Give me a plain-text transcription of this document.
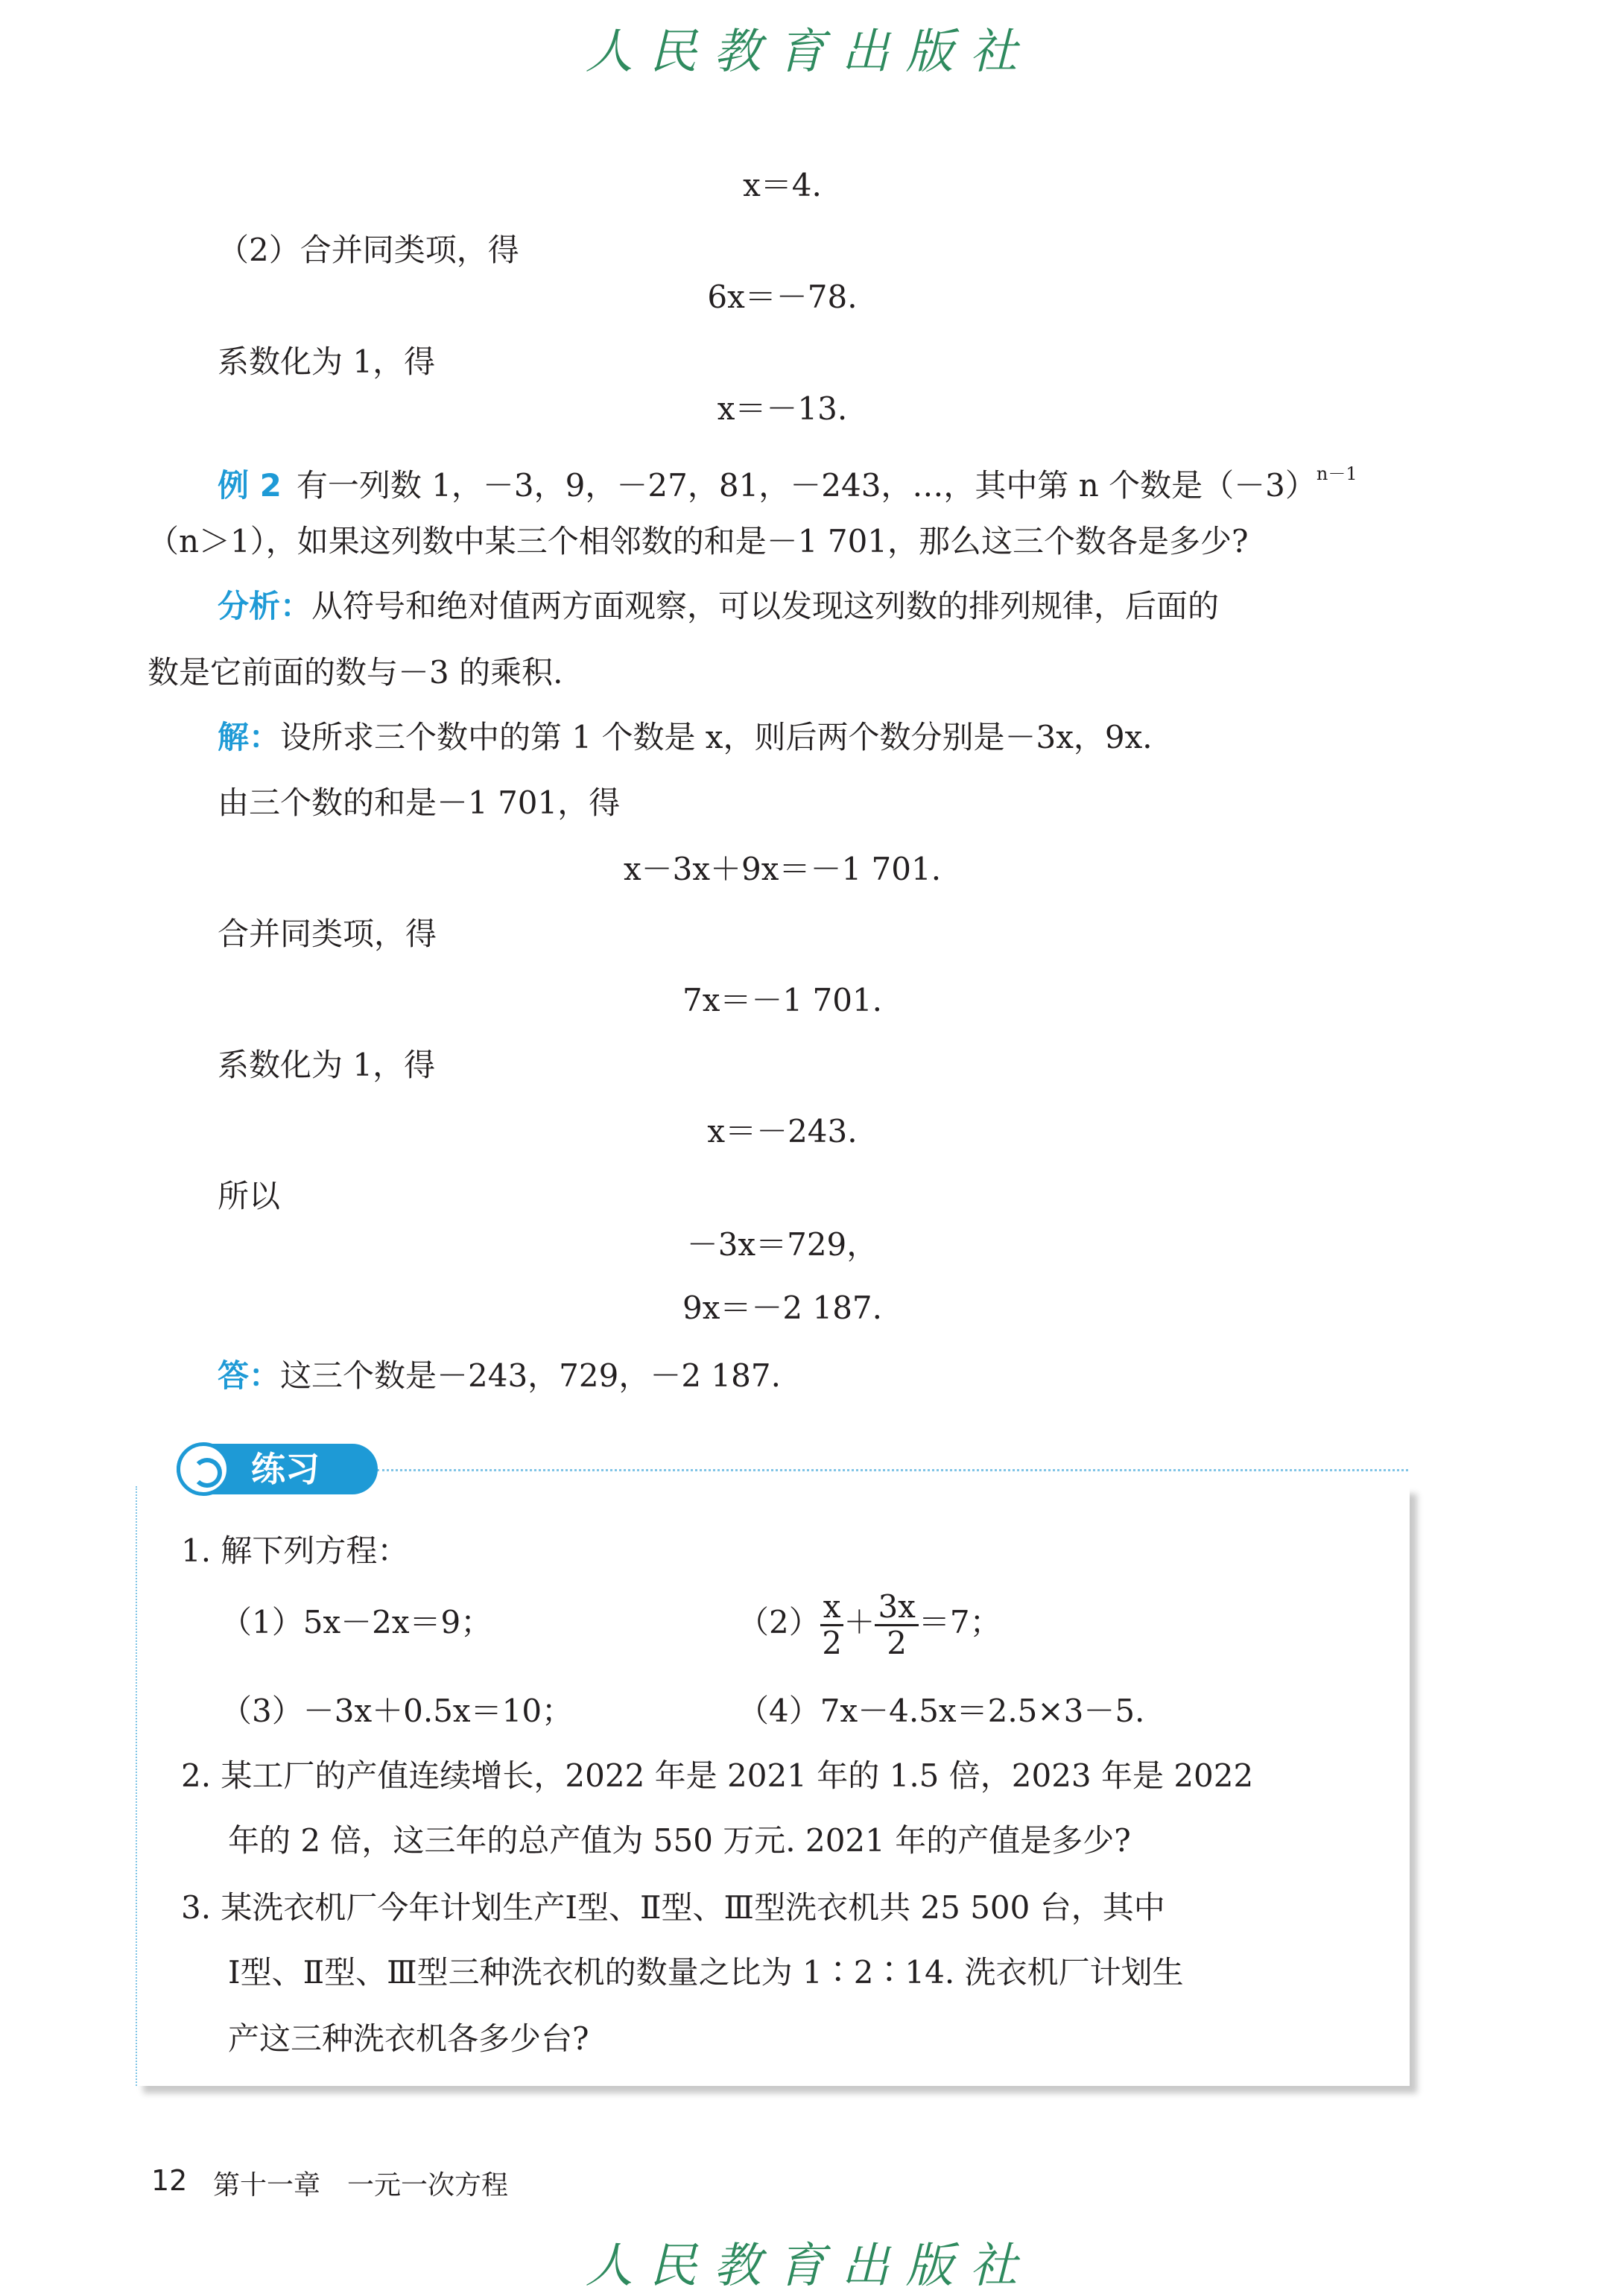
人民教育出版社
x＝4.
（2）合并同类项，得
6x＝－78.
系数化为 1，得
x＝－13.
例 2 有一列数 1，－3，9，－27，81，－243，…，其中第 n 个数是$(-3)^{n-1}$
（n＞1），如果这列数中某三个相邻数的和是－1 701，那么这三个数各是多少?
分析：从符号和绝对值两方面观察，可以发现这列数的排列规律，后面的
数是它前面的数与－3 的乘积.
解：设所求三个数中的第 1 个数是 x，则后两个数分别是－3x，9x.
由三个数的和是－1 701，得
x－3x＋9x＝－1 701.
合并同类项，得
7x＝－1 701.
系数化为 1，得
x＝－243.
所以
－3x＝729，
9x＝－2 187.
答：这三个数是－243，729，－2 187.
练习
1. 解下列方程：
（1）5x－2x＝9；	$(2) \frac{x}{2} + \frac{3x}{2} =7$；
（3）－3x＋0.5x＝10；	（4）7x－4.5x＝2.5×3－5.
2. 某工厂的产值连续增长，2022 年是 2021 年的 1.5 倍，2023 年是 2022
年的 2 倍，这三年的总产值为 550 万元. 2021 年的产值是多少?
3. 某洗衣机厂今年计划生产Ⅰ型、Ⅱ型、Ⅲ型洗衣机共 25 500 台，其中
Ⅰ型、Ⅱ型、Ⅲ型三种洗衣机的数量之比为 1∶2∶14. 洗衣机厂计划生
产这三种洗衣机各多少台?
12 第十一章　一元一次方程
人民教育出版社
